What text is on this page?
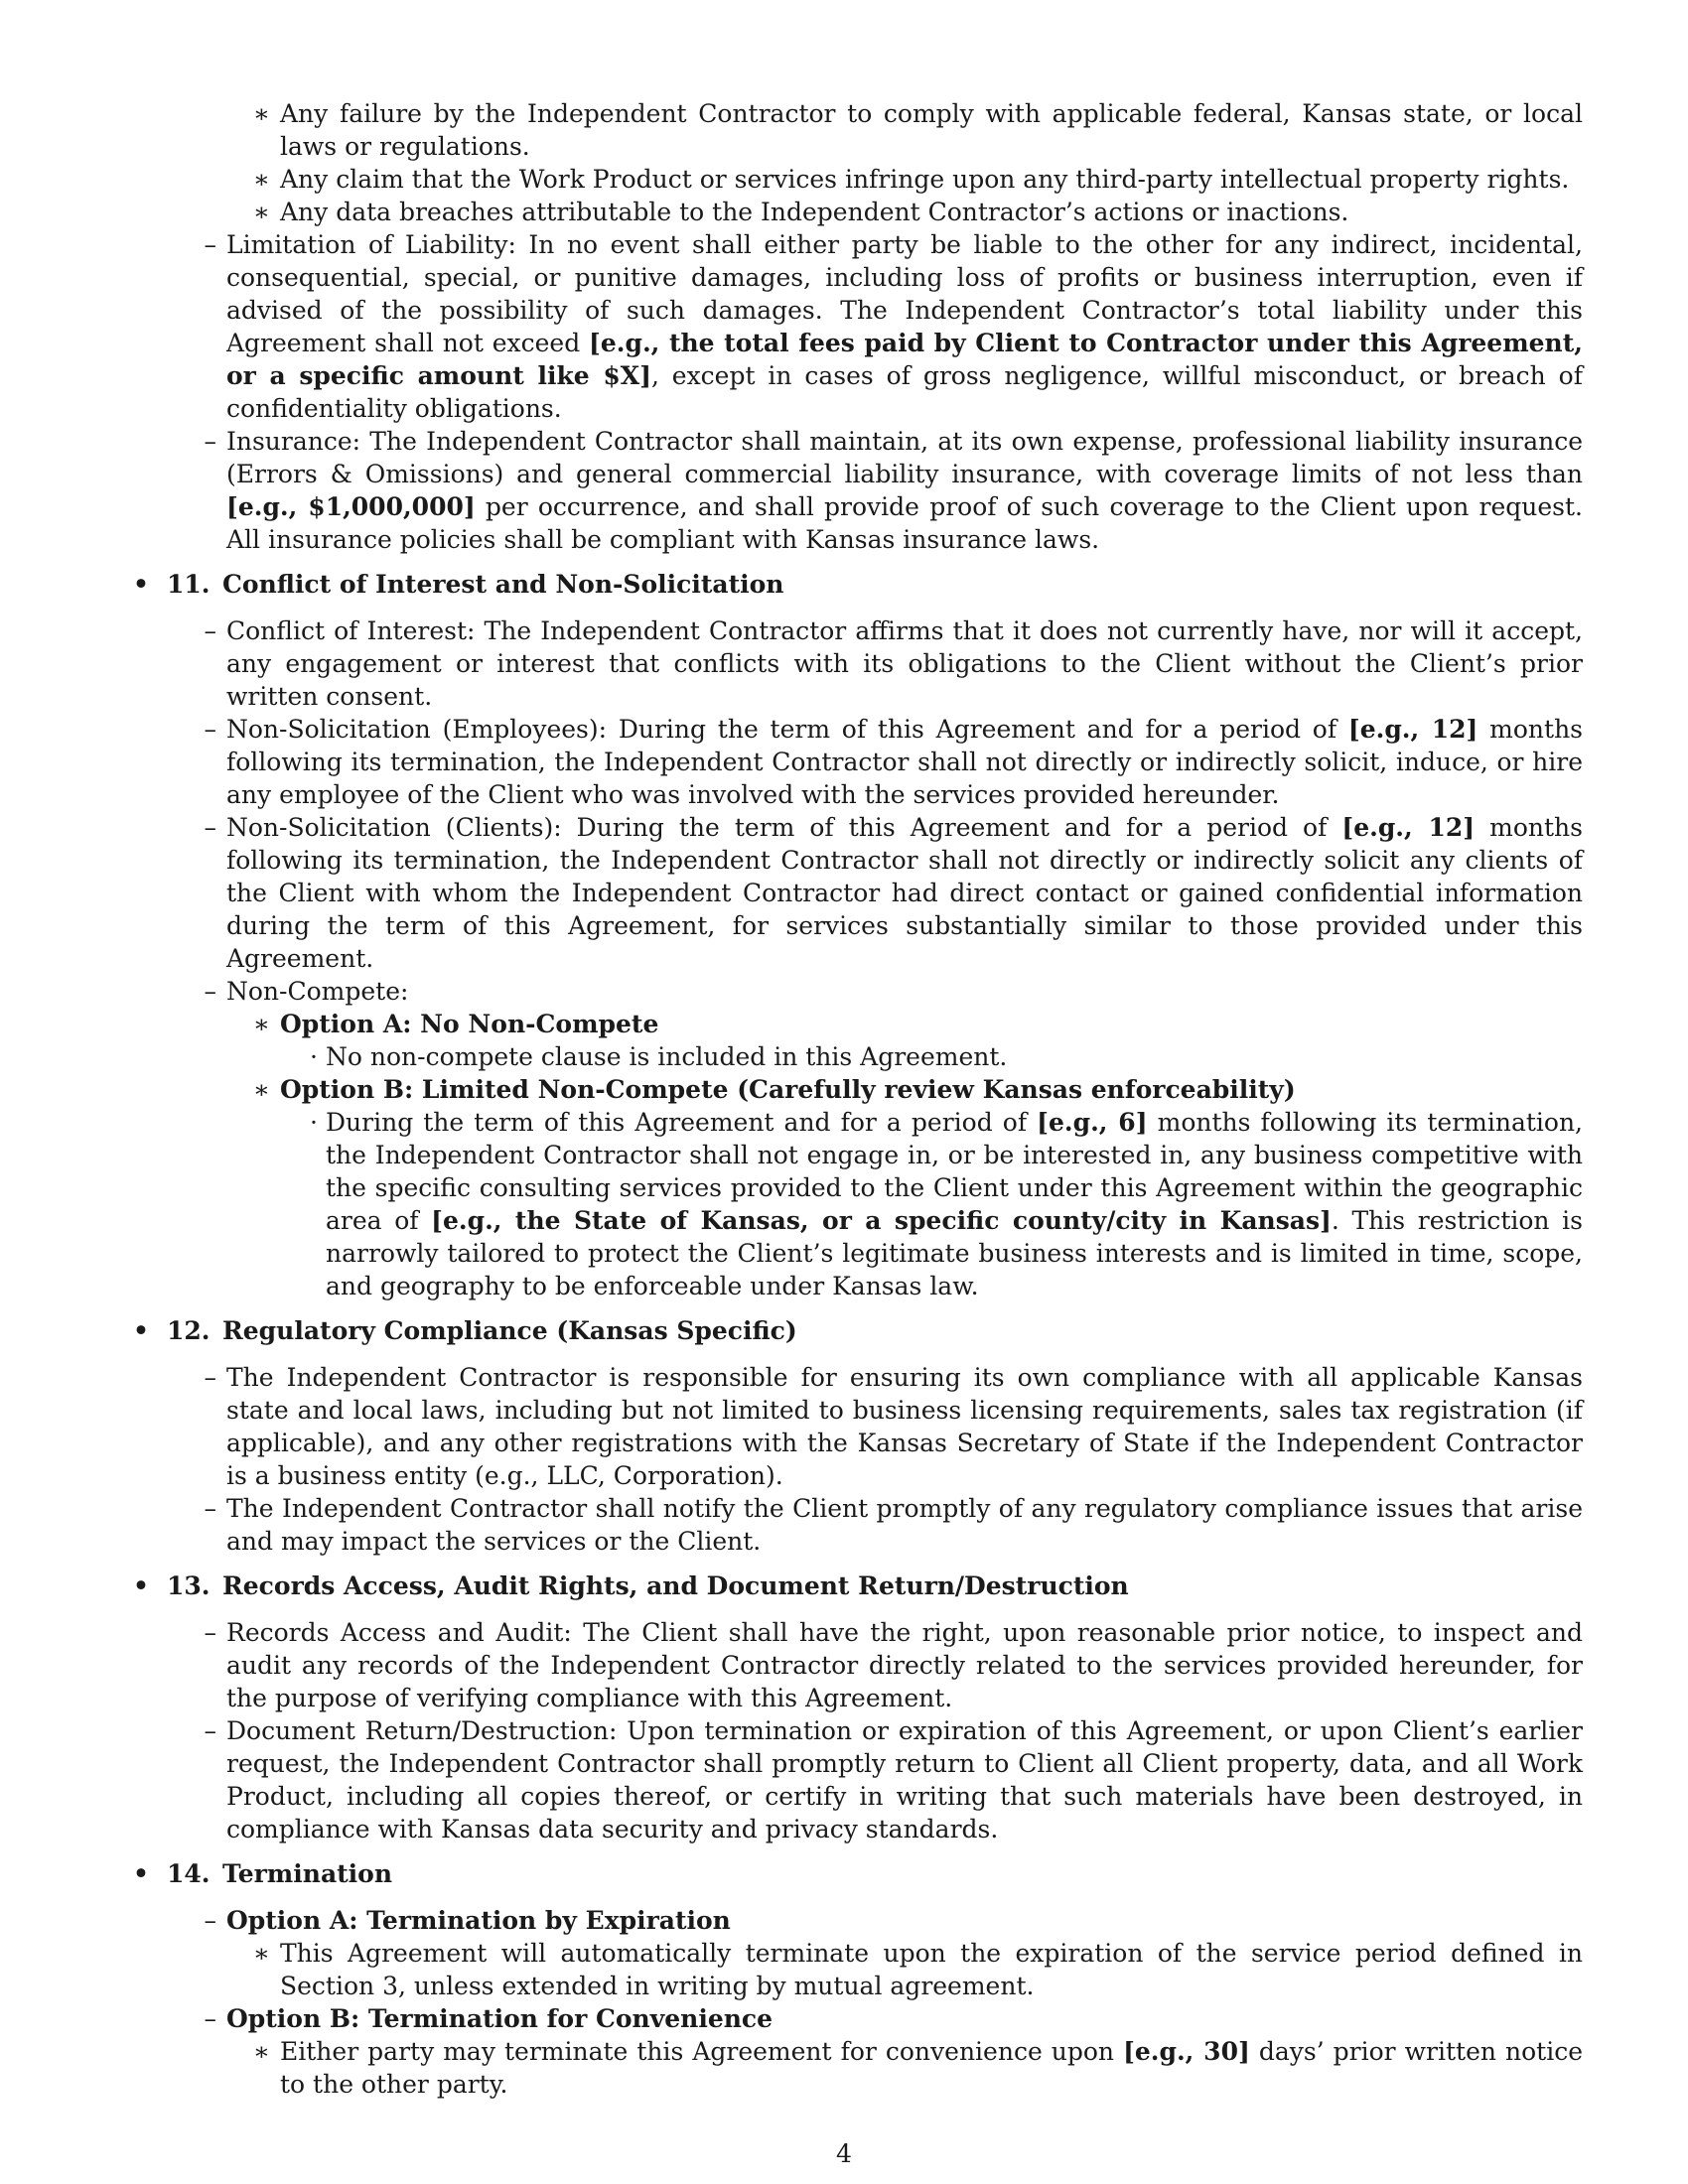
∗ Any failure by the Independent Contractor to comply with applicable federal, Kansas state, or local laws or regulations.
∗ Any claim that the Work Product or services infringe upon any third-party intellectual property rights.
∗ Any data breaches attributable to the Independent Contractor’s actions or inactions.
– Limitation of Liability: In no event shall either party be liable to the other for any indirect, incidental, consequential, special, or punitive damages, including loss of profits or business interruption, even if advised of the possibility of such damages. The Independent Contractor’s total liability under this Agreement shall not exceed [e.g., the total fees paid by Client to Contractor under this Agreement, or a specific amount like $X], except in cases of gross negligence, willful misconduct, or breach of confidentiality obligations.
– Insurance: The Independent Contractor shall maintain, at its own expense, professional liability insurance (Errors & Omissions) and general commercial liability insurance, with coverage limits of not less than [e.g., $1,000,000] per occurrence, and shall provide proof of such coverage to the Client upon request. All insurance policies shall be compliant with Kansas insurance laws.
• 11. Conflict of Interest and Non-Solicitation
– Conflict of Interest: The Independent Contractor affirms that it does not currently have, nor will it accept, any engagement or interest that conflicts with its obligations to the Client without the Client’s prior written consent.
– Non-Solicitation (Employees): During the term of this Agreement and for a period of [e.g., 12] months following its termination, the Independent Contractor shall not directly or indirectly solicit, induce, or hire any employee of the Client who was involved with the services provided hereunder.
– Non-Solicitation (Clients): During the term of this Agreement and for a period of [e.g., 12] months following its termination, the Independent Contractor shall not directly or indirectly solicit any clients of the Client with whom the Independent Contractor had direct contact or gained confidential information during the term of this Agreement, for services substantially similar to those provided under this Agreement.
– Non-Compete:
∗ Option A: No Non-Compete
· No non-compete clause is included in this Agreement.
∗ Option B: Limited Non-Compete (Carefully review Kansas enforceability)
· During the term of this Agreement and for a period of [e.g., 6] months following its termination, the Independent Contractor shall not engage in, or be interested in, any business competitive with the specific consulting services provided to the Client under this Agreement within the geographic area of [e.g., the State of Kansas, or a specific county/city in Kansas]. This restriction is narrowly tailored to protect the Client’s legitimate business interests and is limited in time, scope, and geography to be enforceable under Kansas law.
• 12. Regulatory Compliance (Kansas Specific)
– The Independent Contractor is responsible for ensuring its own compliance with all applicable Kansas state and local laws, including but not limited to business licensing requirements, sales tax registration (if applicable), and any other registrations with the Kansas Secretary of State if the Independent Contractor is a business entity (e.g., LLC, Corporation).
– The Independent Contractor shall notify the Client promptly of any regulatory compliance issues that arise and may impact the services or the Client.
• 13. Records Access, Audit Rights, and Document Return/Destruction
– Records Access and Audit: The Client shall have the right, upon reasonable prior notice, to inspect and audit any records of the Independent Contractor directly related to the services provided hereunder, for the purpose of verifying compliance with this Agreement.
– Document Return/Destruction: Upon termination or expiration of this Agreement, or upon Client’s earlier request, the Independent Contractor shall promptly return to Client all Client property, data, and all Work Product, including all copies thereof, or certify in writing that such materials have been destroyed, in compliance with Kansas data security and privacy standards.
• 14. Termination
– Option A: Termination by Expiration
∗ This Agreement will automatically terminate upon the expiration of the service period defined in Section 3, unless extended in writing by mutual agreement.
– Option B: Termination for Convenience
∗ Either party may terminate this Agreement for convenience upon [e.g., 30] days’ prior written notice to the other party.
4
